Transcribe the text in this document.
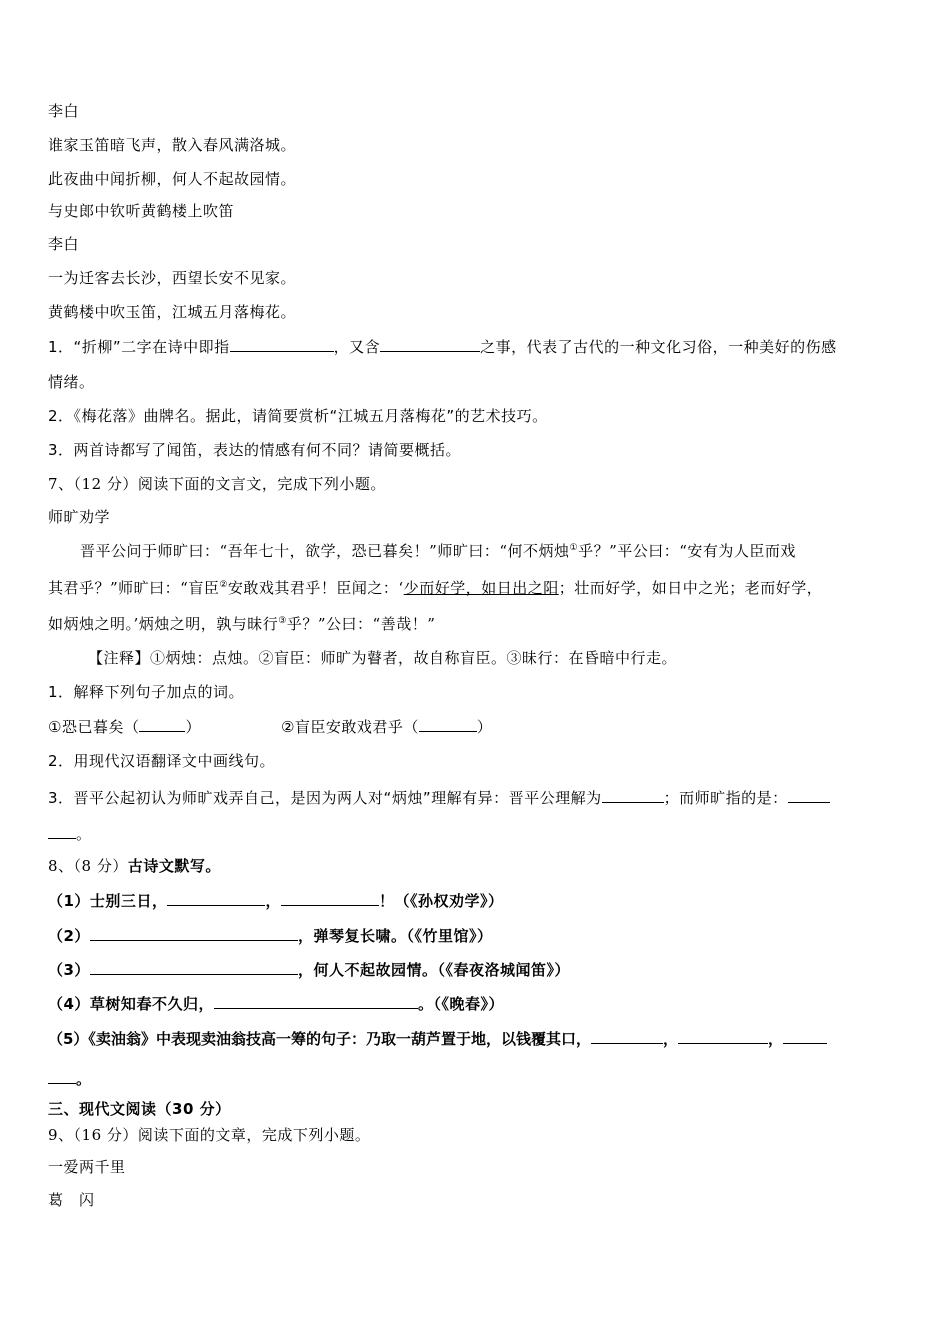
李白
谁家玉笛暗飞声，散入春风满洛城。
此夜曲中闻折柳，何人不起故园情。
与史郎中钦听黄鹤楼上吹笛
李白
一为迁客去长沙，西望长安不见家。
黄鹤楼中吹玉笛，江城五月落梅花。
1．“折柳”二字在诗中即指	，又含	之事，代表了古代的一种文化习俗，一种美好的伤感
情绪。
2．《梅花落》曲牌名。据此，请简要赏析“江城五月落梅花”的艺术技巧。
3．两首诗都写了闻笛，表达的情感有何不同？请简要概括。
7、（12 分）阅读下面的文言文，完成下列小题。
师旷劝学
晋平公问于师旷曰：“吾年七十，欲学，恐已暮矣！”师旷曰：“何不炳烛①乎？”平公曰：“安有为人臣而戏
其君乎？”师旷曰：“盲臣②安敢戏其君乎！臣闻之：‘少而好学，如日出之阳；壮而好学，如日中之光；老而好学，
如炳烛之明。’炳烛之明，孰与昧行③乎？”公曰：“善哉！”
【注释】①炳烛：点烛。②盲臣：师旷为瞽者，故自称盲臣。③昧行：在昏暗中行走。
1．解释下列句子加点的词。
①恐已暮矣（	）	②盲臣安敢戏君乎（	）
2．用现代汉语翻译文中画线句。
3．晋平公起初认为师旷戏弄自己，是因为两人对“炳烛”理解有异：晋平公理解为	；而师旷指的是：
。
8、（8 分）古诗文默写。
（1）士别三日，	，	！（《孙权劝学》）
（2）	，弹琴复长啸。（《竹里馆》）
（3）	，何人不起故园情。（《春夜洛城闻笛》）
（4）草树知春不久归，	。（《晚春》）
（5）《卖油翁》中表现卖油翁技高一筹的句子：乃取一葫芦置于地，以钱覆其口，	，	，
。
三、现代文阅读（30 分）
9、（16 分）阅读下面的文章，完成下列小题。
一爱两千里
葛　闪
